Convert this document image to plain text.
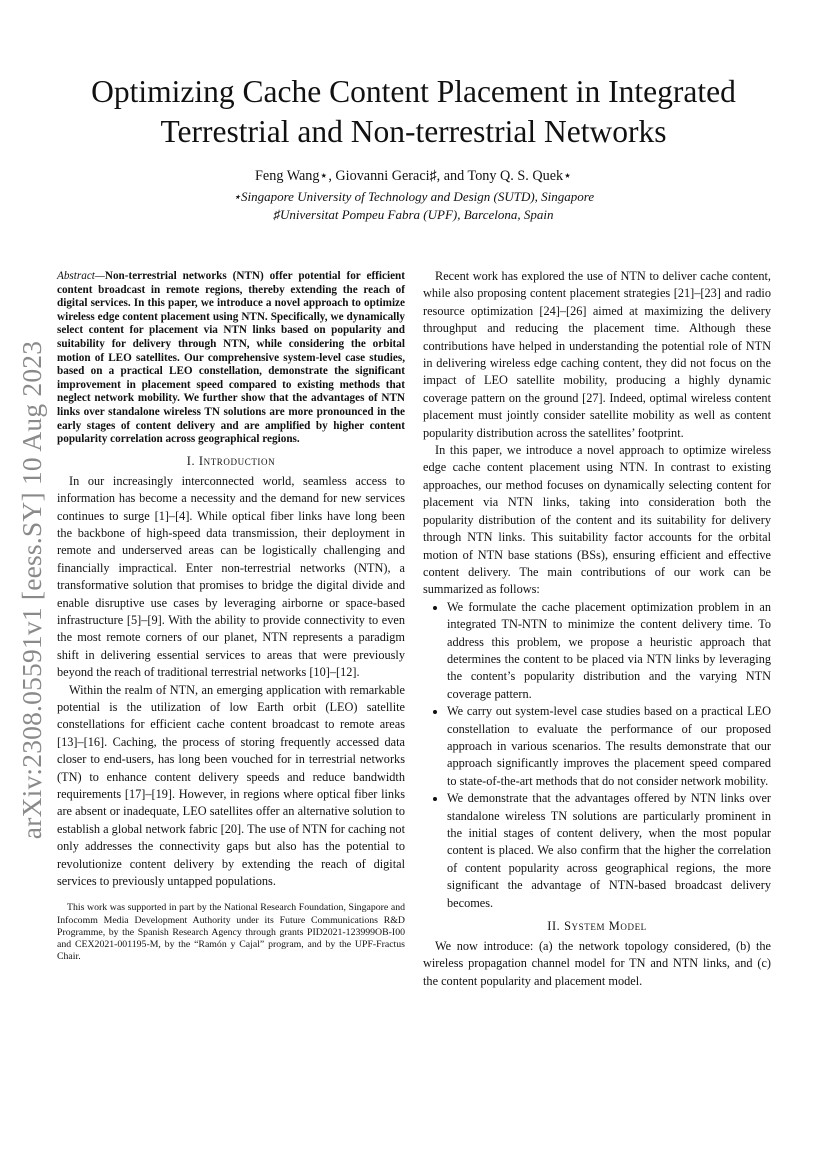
arXiv:2308.05591v1 [eess.SY] 10 Aug 2023
Optimizing Cache Content Placement in Integrated Terrestrial and Non-terrestrial Networks
Feng Wang⋆, Giovanni Geraci♯, and Tony Q. S. Quek⋆
⋆Singapore University of Technology and Design (SUTD), Singapore
♯Universitat Pompeu Fabra (UPF), Barcelona, Spain

Abstract—Non-terrestrial networks (NTN) offer potential for efficient content broadcast in remote regions, thereby extending the reach of digital services. In this paper, we introduce a novel approach to optimize wireless edge content placement using NTN. Specifically, we dynamically select content for placement via NTN links based on popularity and suitability for delivery through NTN, while considering the orbital motion of LEO satellites. Our comprehensive system-level case studies, based on a practical LEO constellation, demonstrate the significant improvement in placement speed compared to existing methods that neglect network mobility. We further show that the advantages of NTN links over standalone wireless TN solutions are more pronounced in the early stages of content delivery and are amplified by higher content popularity correlation across geographical regions.

I. Introduction

In our increasingly interconnected world, seamless access to information has become a necessity and the demand for new services continues to surge [1]–[4]. While optical fiber links have long been the backbone of high-speed data transmission, their deployment in remote and underserved areas can be logistically challenging and financially impractical. Enter non-terrestrial networks (NTN), a transformative solution that promises to bridge the digital divide and enable disruptive use cases by leveraging airborne or space-based infrastructure [5]–[9]. With the ability to provide connectivity to even the most remote corners of our planet, NTN represents a paradigm shift in delivering essential services to areas that were previously beyond the reach of traditional terrestrial networks [10]–[12].

Within the realm of NTN, an emerging application with remarkable potential is the utilization of low Earth orbit (LEO) satellite constellations for efficient cache content broadcast to remote areas [13]–[16]. Caching, the process of storing frequently accessed data closer to end-users, has long been vouched for in terrestrial networks (TN) to enhance content delivery speeds and reduce bandwidth requirements [17]–[19]. However, in regions where optical fiber links are absent or inadequate, LEO satellites offer an alternative solution to establish a global network fabric [20]. The use of NTN for caching not only addresses the connectivity gaps but also has the potential to revolutionize content delivery by extending the reach of digital services to previously untapped populations.

This work was supported in part by the National Research Foundation, Singapore and Infocomm Media Development Authority under its Future Communications R&D Programme, by the Spanish Research Agency through grants PID2021-123999OB-I00 and CEX2021-001195-M, by the “Ramón y Cajal” program, and by the UPF-Fractus Chair.

Recent work has explored the use of NTN to deliver cache content, while also proposing content placement strategies [21]–[23] and radio resource optimization [24]–[26] aimed at maximizing the delivery throughput and reducing the placement time. Although these contributions have helped in understanding the potential role of NTN in delivering wireless edge caching content, they did not focus on the impact of LEO satellite mobility, producing a highly dynamic coverage pattern on the ground [27]. Indeed, optimal wireless content placement must jointly consider satellite mobility as well as content popularity distribution across the satellites’ footprint.

In this paper, we introduce a novel approach to optimize wireless edge cache content placement using NTN. In contrast to existing approaches, our method focuses on dynamically selecting content for placement via NTN links, taking into consideration both the popularity distribution of the content and its suitability for delivery through NTN links. This suitability factor accounts for the orbital motion of NTN base stations (BSs), ensuring efficient and effective content delivery. The main contributions of our work can be summarized as follows:

• We formulate the cache placement optimization problem in an integrated TN-NTN to minimize the content delivery time. To address this problem, we propose a heuristic approach that determines the content to be placed via NTN links by leveraging the content’s popularity distribution and the varying NTN coverage pattern.
• We carry out system-level case studies based on a practical LEO constellation to evaluate the performance of our proposed approach in various scenarios. The results demonstrate that our approach significantly improves the placement speed compared to state-of-the-art methods that do not consider network mobility.
• We demonstrate that the advantages offered by NTN links over standalone wireless TN solutions are particularly prominent in the initial stages of content delivery, when the most popular content is placed. We also confirm that the higher the correlation of content popularity across geographical regions, the more significant the advantage of NTN-based broadcast delivery becomes.
II. System Model

We now introduce: (a) the network topology considered, (b) the wireless propagation channel model for TN and NTN links, and (c) the content popularity and placement model.
